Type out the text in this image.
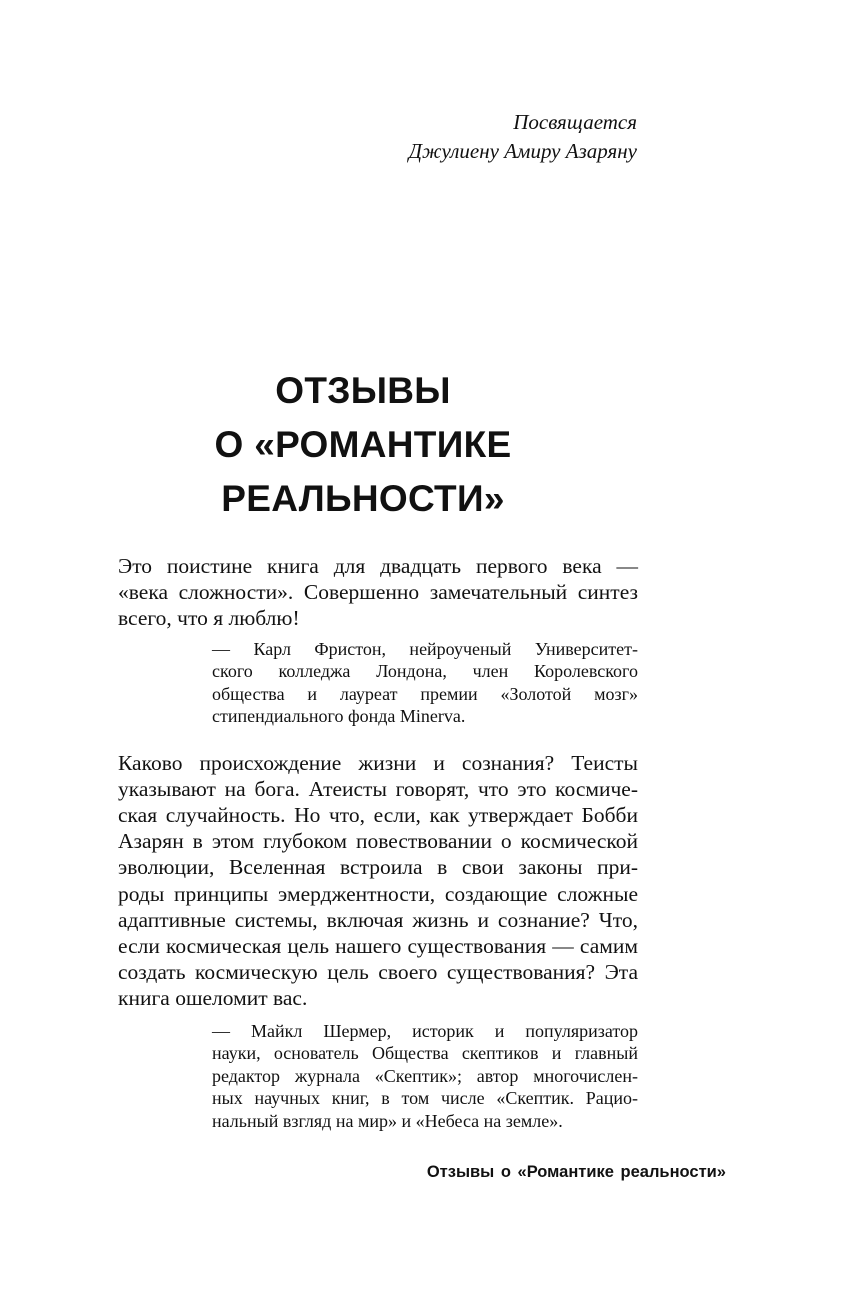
Посвящается
Джулиену Амиру Азаряну
ОТЗЫВЫ
О «РОМАНТИКЕ
РЕАЛЬНОСТИ»
Это поистине книга для двадцать первого века —
«века сложности». Совершенно замечательный синтез
всего, что я люблю!
— Карл Фристон, нейроученый Университет-
ского колледжа Лондона, член Королевского
общества и лауреат премии «Золотой мозг»
стипендиального фонда Minerva.
Каково происхождение жизни и сознания? Теисты
указывают на бога. Атеисты говорят, что это космиче-
ская случайность. Но что, если, как утверждает Бобби
Азарян в этом глубоком повествовании о космической
эволюции, Вселенная встроила в свои законы при-
роды принципы эмерджентности, создающие сложные
адаптивные системы, включая жизнь и сознание? Что,
если космическая цель нашего существования — самим
создать космическую цель своего существования? Эта
книга ошеломит вас.
— Майкл Шермер, историк и популяризатор
науки, основатель Общества скептиков и главный
редактор журнала «Скептик»; автор многочислен-
ных научных книг, в том числе «Скептик. Рацио-
нальный взгляд на мир» и «Небеса на земле».
Отзывы о «Романтике реальности»
